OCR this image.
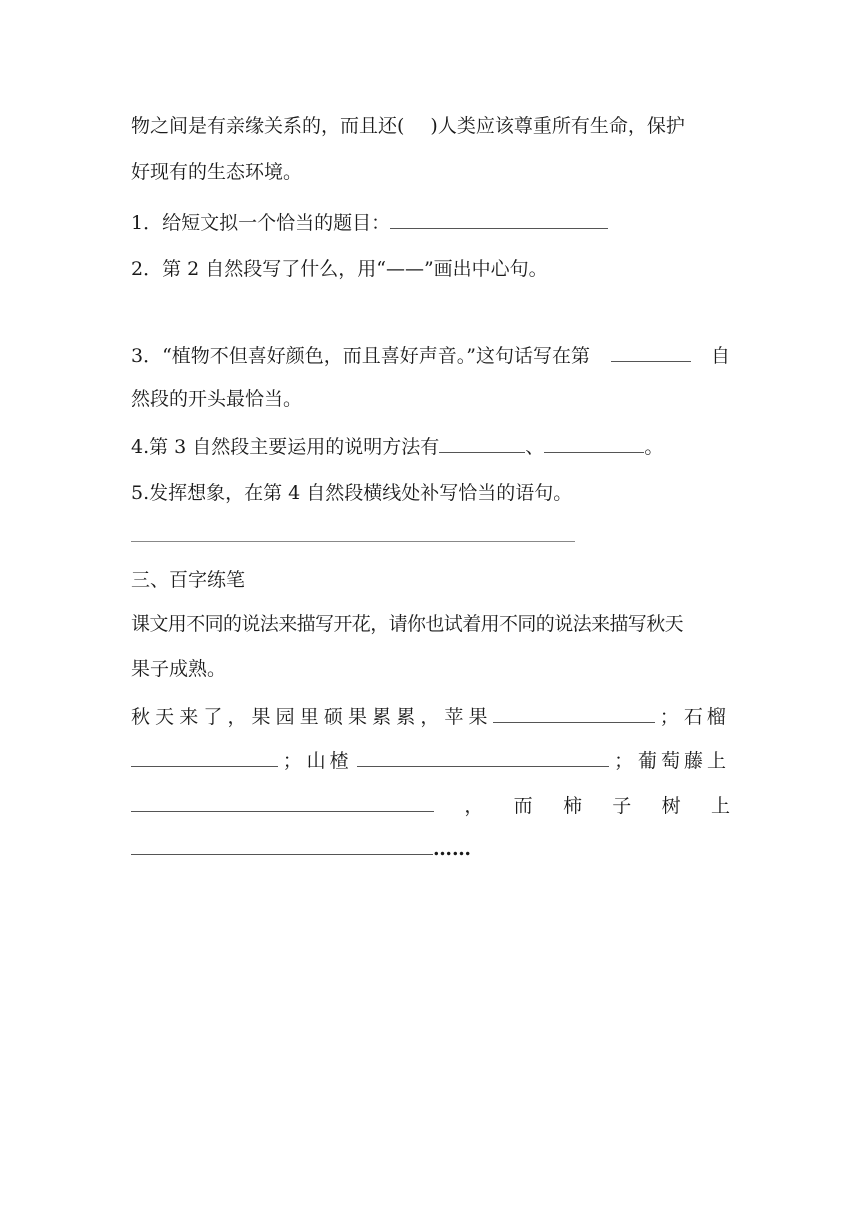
物之间是有亲缘关系的，而且还( )人类应该尊重所有生命，保护
好现有的生态环境。
1．给短文拟一个恰当的题目：
2．第 2 自然段写了什么，用“——”画出中心句。
3．“植物不但喜好颜色，而且喜好声音。”这句话写在第	自
然段的开头最恰当。
4.第 3 自然段主要运用的说明方法有	、	。
5.发挥想象，在第 4 自然段横线处补写恰当的语句。
三、百字练笔
课文用不同的说法来描写开花，请你也试着用不同的说法来描写秋天
果子成熟。
秋 天 来 了 ， 果 园 里 硕 果 累 累 ， 苹 果	； 石榴
； 山楂	； 葡萄藤上
， 而 柿 子 树 上
……
